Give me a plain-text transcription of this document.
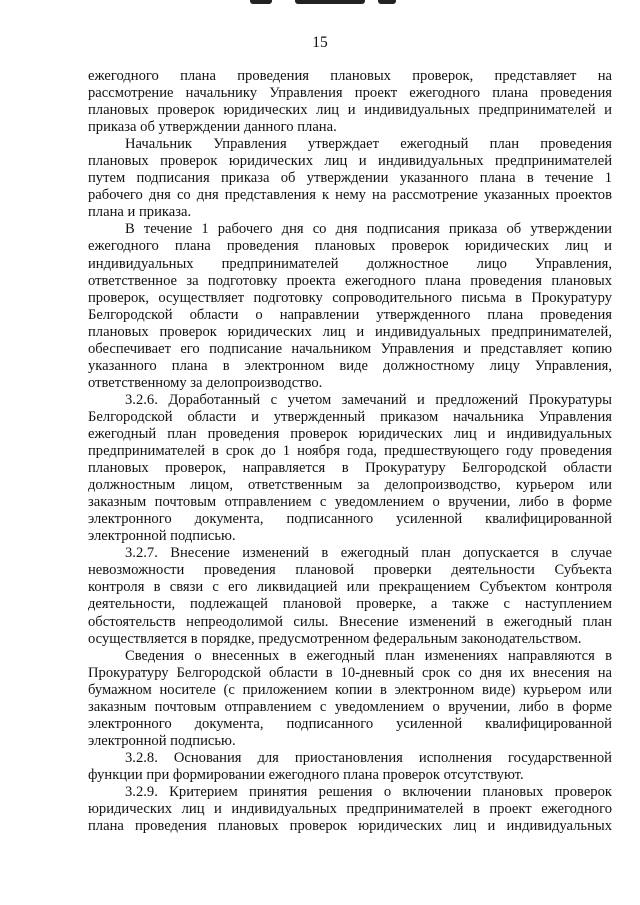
15

ежегодного плана проведения плановых проверок, представляет на
рассмотрение начальнику Управления проект ежегодного плана проведения
плановых проверок юридических лиц и индивидуальных предпринимателей и
приказа об утверждении данного плана.

Начальник Управления утверждает ежегодный план проведения
плановых проверок юридических лиц и индивидуальных предпринимателей
путем подписания приказа об утверждении указанного плана в течение 1
рабочего дня со дня представления к нему на рассмотрение указанных проектов
плана и приказа.

В течение 1 рабочего дня со дня подписания приказа об утверждении
ежегодного плана проведения плановых проверок юридических лиц и
индивидуальных предпринимателей должностное лицо Управления,
ответственное за подготовку проекта ежегодного плана проведения плановых
проверок, осуществляет подготовку сопроводительного письма в Прокуратуру
Белгородской области о направлении утвержденного плана проведения
плановых проверок юридических лиц и индивидуальных предпринимателей,
обеспечивает его подписание начальником Управления и представляет копию
указанного плана в электронном виде должностному лицу Управления,
ответственному за делопроизводство.

3.2.6. Доработанный с учетом замечаний и предложений Прокуратуры
Белгородской области и утвержденный приказом начальника Управления
ежегодный план проведения проверок юридических лиц и индивидуальных
предпринимателей в срок до 1 ноября года, предшествующего году проведения
плановых проверок, направляется в Прокуратуру Белгородской области
должностным лицом, ответственным за делопроизводство, курьером или
заказным почтовым отправлением с уведомлением о вручении, либо в форме
электронного документа, подписанного усиленной квалифицированной
электронной подписью.

3.2.7. Внесение изменений в ежегодный план допускается в случае
невозможности проведения плановой проверки деятельности Субъекта
контроля в связи с его ликвидацией или прекращением Субъектом контроля
деятельности, подлежащей плановой проверке, а также с наступлением
обстоятельств непреодолимой силы. Внесение изменений в ежегодный план
осуществляется в порядке, предусмотренном федеральным законодательством.

Сведения о внесенных в ежегодный план изменениях направляются в
Прокуратуру Белгородской области в 10-дневный срок со дня их внесения на
бумажном носителе (с приложением копии в электронном виде) курьером или
заказным почтовым отправлением с уведомлением о вручении, либо в форме
электронного документа, подписанного усиленной квалифицированной
электронной подписью.

3.2.8. Основания для приостановления исполнения государственной
функции при формировании ежегодного плана проверок отсутствуют.

3.2.9. Критерием принятия решения о включении плановых проверок
юридических лиц и индивидуальных предпринимателей в проект ежегодного
плана проведения плановых проверок юридических лиц и индивидуальных
